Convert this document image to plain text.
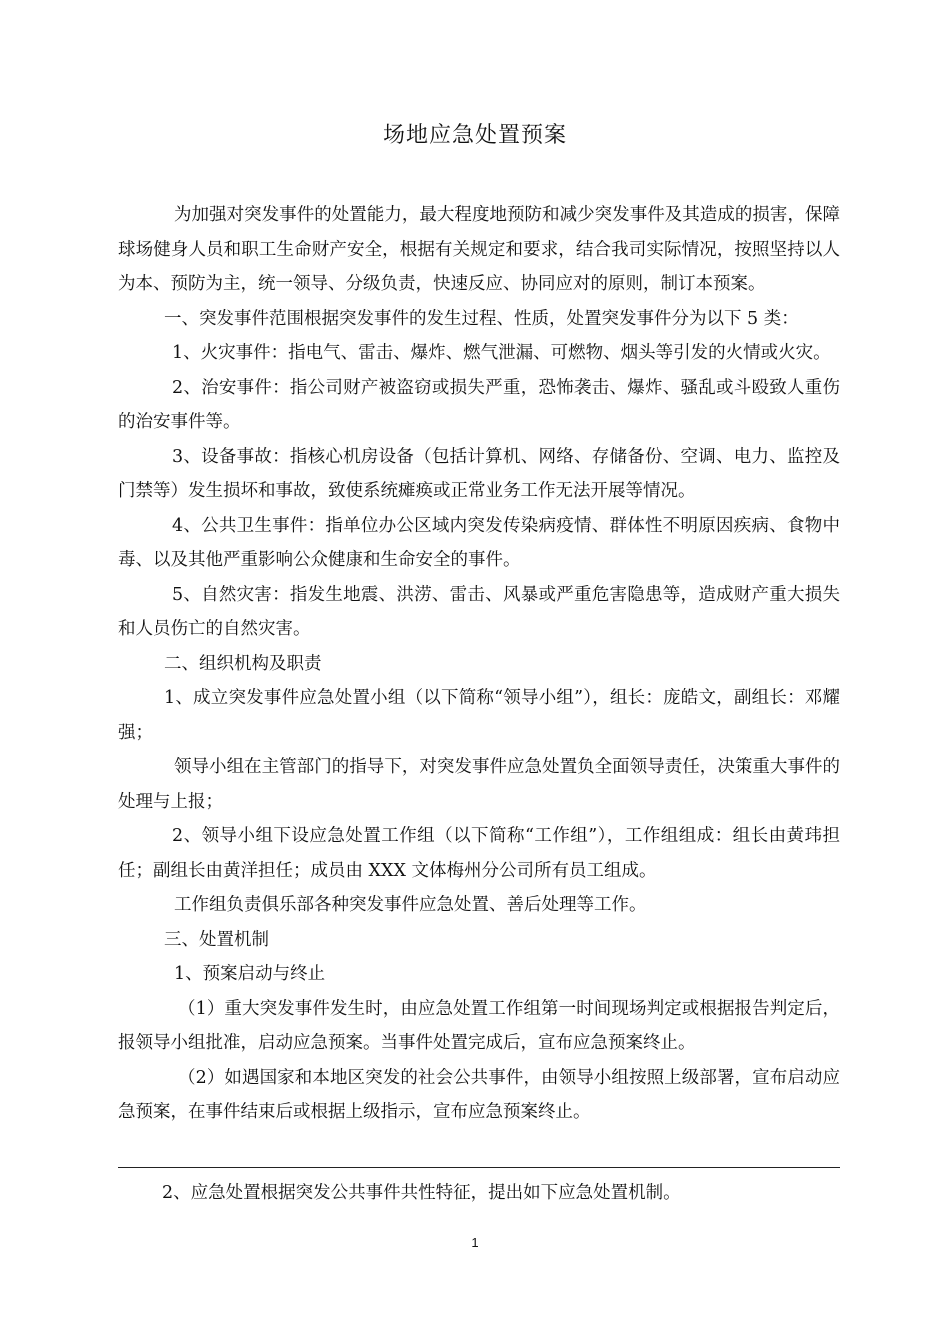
场地应急处置预案

为加强对突发事件的处置能力，最大程度地预防和减少突发事件及其造成的损害，保障球场健身人员和职工生命财产安全，根据有关规定和要求，结合我司实际情况，按照坚持以人为本、预防为主，统一领导、分级负责，快速反应、协同应对的原则，制订本预案。

一、突发事件范围根据突发事件的发生过程、性质，处置突发事件分为以下 5 类：

1、火灾事件：指电气、雷击、爆炸、燃气泄漏、可燃物、烟头等引发的火情或火灾。

2、治安事件：指公司财产被盗窃或损失严重，恐怖袭击、爆炸、骚乱或斗殴致人重伤的治安事件等。

3、设备事故：指核心机房设备（包括计算机、网络、存储备份、空调、电力、监控及门禁等）发生损坏和事故，致使系统瘫痪或正常业务工作无法开展等情况。

4、公共卫生事件：指单位办公区域内突发传染病疫情、群体性不明原因疾病、食物中毒、以及其他严重影响公众健康和生命安全的事件。

5、自然灾害：指发生地震、洪涝、雷击、风暴或严重危害隐患等，造成财产重大损失和人员伤亡的自然灾害。

二、组织机构及职责

1、成立突发事件应急处置小组（以下简称“领导小组”），组长：庞皓文，副组长：邓耀强；

领导小组在主管部门的指导下，对突发事件应急处置负全面领导责任，决策重大事件的处理与上报；

2、领导小组下设应急处置工作组（以下简称“工作组”），工作组组成：组长由黄玮担任；副组长由黄洋担任；成员由 XXX 文体梅州分公司所有员工组成。

工作组负责俱乐部各种突发事件应急处置、善后处理等工作。

三、处置机制

1、预案启动与终止

（1）重大突发事件发生时，由应急处置工作组第一时间现场判定或根据报告判定后，报领导小组批准，启动应急预案。当事件处置完成后，宣布应急预案终止。

（2）如遇国家和本地区突发的社会公共事件，由领导小组按照上级部署，宣布启动应急预案，在事件结束后或根据上级指示，宣布应急预案终止。

2、应急处置根据突发公共事件共性特征，提出如下应急处置机制。

1
